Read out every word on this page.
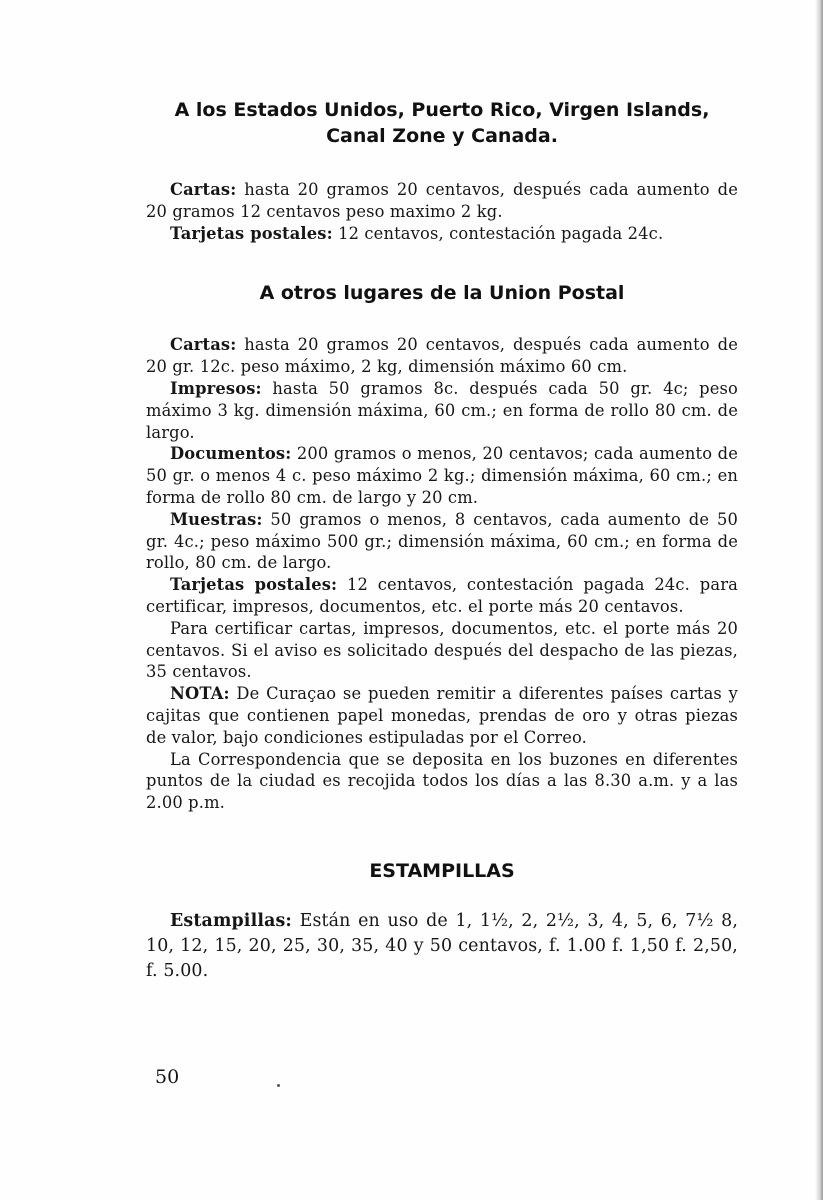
A los Estados Unidos, Puerto Rico, Virgen Islands, Canal Zone y Canada.

Cartas: hasta 20 gramos 20 centavos, después cada aumento de 20 gramos 12 centavos peso maximo 2 kg.

Tarjetas postales: 12 centavos, contestación pagada 24c.

A otros lugares de la Union Postal

Cartas: hasta 20 gramos 20 centavos, después cada aumento de 20 gr. 12c. peso máximo, 2 kg, dimensión máximo 60 cm.

Impresos: hasta 50 gramos 8c. después cada 50 gr. 4c; peso máximo 3 kg. dimensión máxima, 60 cm.; en forma de rollo 80 cm. de largo.

Documentos: 200 gramos o menos, 20 centavos; cada aumento de 50 gr. o menos 4 c. peso máximo 2 kg.; dimensión máxima, 60 cm.; en forma de rollo 80 cm. de largo y 20 cm.

Muestras: 50 gramos o menos, 8 centavos, cada aumento de 50 gr. 4c.; peso máximo 500 gr.; dimensión máxima, 60 cm.; en forma de rollo, 80 cm. de largo.

Tarjetas postales: 12 centavos, contestación pagada 24c. para certificar, impresos, documentos, etc. el porte más 20 centavos.

Para certificar cartas, impresos, documentos, etc. el porte más 20 centavos. Si el aviso es solicitado después del despacho de las piezas, 35 centavos.

NOTA: De Curaçao se pueden remitir a diferentes países cartas y cajitas que contienen papel monedas, prendas de oro y otras piezas de valor, bajo condiciones estipuladas por el Correo.

La Correspondencia que se deposita en los buzones en diferentes puntos de la ciudad es recojida todos los días a las 8.30 a.m. y a las 2.00 p.m.

ESTAMPILLAS

Estampillas: Están en uso de 1, 1½, 2, 2½, 3, 4, 5, 6, 7½ 8, 10, 12, 15, 20, 25, 30, 35, 40 y 50 centavos, f. 1.00 f. 1,50 f. 2,50, f. 5.00.

50
